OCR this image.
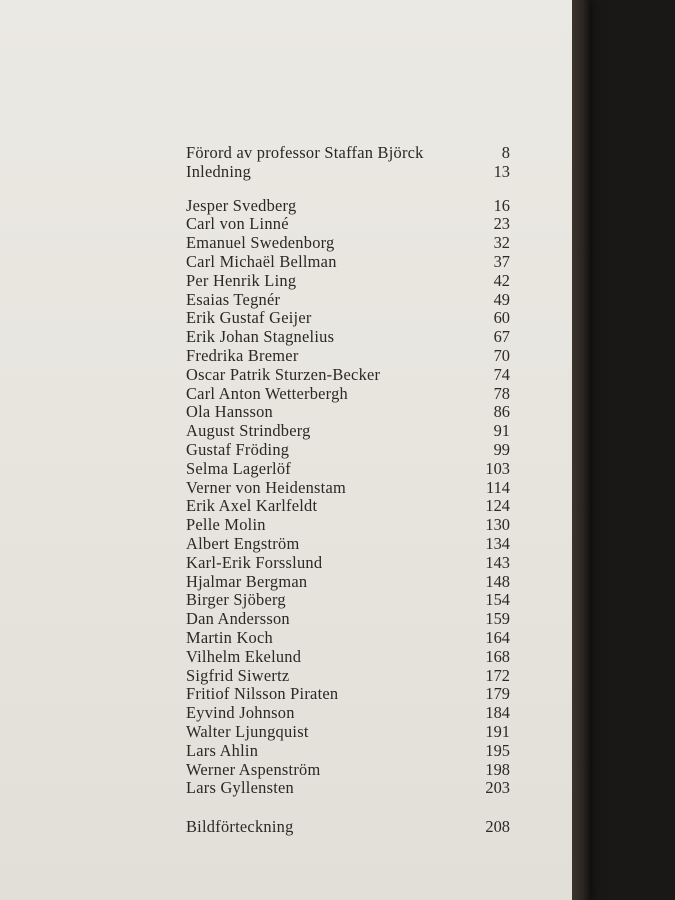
Förord av professor Staffan Björck	8
Inledning	13
Jesper Svedberg	16
Carl von Linné	23
Emanuel Swedenborg	32
Carl Michaël Bellman	37
Per Henrik Ling	42
Esaias Tegnér	49
Erik Gustaf Geijer	60
Erik Johan Stagnelius	67
Fredrika Bremer	70
Oscar Patrik Sturzen-Becker	74
Carl Anton Wetterbergh	78
Ola Hansson	86
August Strindberg	91
Gustaf Fröding	99
Selma Lagerlöf	103
Verner von Heidenstam	114
Erik Axel Karlfeldt	124
Pelle Molin	130
Albert Engström	134
Karl-Erik Forsslund	143
Hjalmar Bergman	148
Birger Sjöberg	154
Dan Andersson	159
Martin Koch	164
Vilhelm Ekelund	168
Sigfrid Siwertz	172
Fritiof Nilsson Piraten	179
Eyvind Johnson	184
Walter Ljungquist	191
Lars Ahlin	195
Werner Aspenström	198
Lars Gyllensten	203
Bildförteckning	208
